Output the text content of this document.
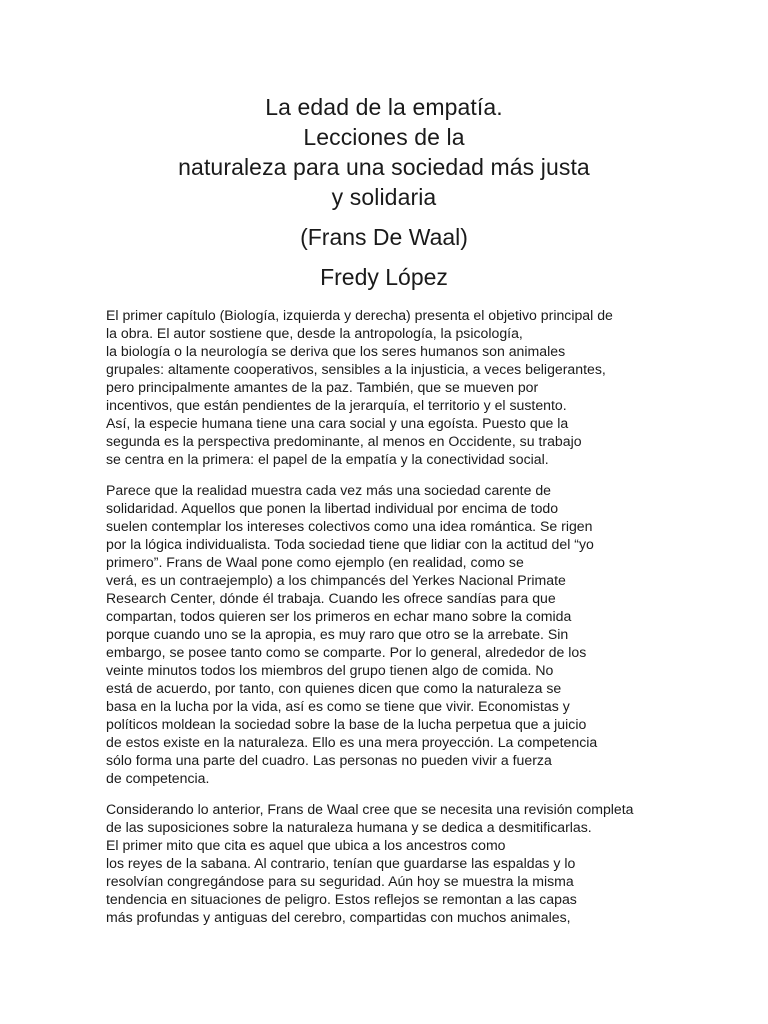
La edad de la empatía.
Lecciones de la
naturaleza para una sociedad más justa
y solidaria
(Frans De Waal)
Fredy López
El primer capítulo (Biología, izquierda y derecha) presenta el objetivo principal de
la obra. El autor sostiene que, desde la antropología, la psicología,
la biología o la neurología se deriva que los seres humanos son animales
grupales: altamente cooperativos, sensibles a la injusticia, a veces beligerantes,
pero principalmente amantes de la paz. También, que se mueven por
incentivos, que están pendientes de la jerarquía, el territorio y el sustento.
Así, la especie humana tiene una cara social y una egoísta. Puesto que la
segunda es la perspectiva predominante, al menos en Occidente, su trabajo
se centra en la primera: el papel de la empatía y la conectividad social.
Parece que la realidad muestra cada vez más una sociedad carente de
solidaridad. Aquellos que ponen la libertad individual por encima de todo
suelen contemplar los intereses colectivos como una idea romántica. Se rigen
por la lógica individualista. Toda sociedad tiene que lidiar con la actitud del “yo
primero”. Frans de Waal pone como ejemplo (en realidad, como se
verá, es un contraejemplo) a los chimpancés del Yerkes Nacional Primate
Research Center, dónde él trabaja. Cuando les ofrece sandías para que
compartan, todos quieren ser los primeros en echar mano sobre la comida
porque cuando uno se la apropia, es muy raro que otro se la arrebate. Sin
embargo, se posee tanto como se comparte. Por lo general, alrededor de los
veinte minutos todos los miembros del grupo tienen algo de comida. No
está de acuerdo, por tanto, con quienes dicen que como la naturaleza se
basa en la lucha por la vida, así es como se tiene que vivir. Economistas y
políticos moldean la sociedad sobre la base de la lucha perpetua que a juicio
de estos existe en la naturaleza. Ello es una mera proyección. La competencia
sólo forma una parte del cuadro. Las personas no pueden vivir a fuerza
de competencia.
Considerando lo anterior, Frans de Waal cree que se necesita una revisión completa
de las suposiciones sobre la naturaleza humana y se dedica a desmitificarlas.
El primer mito que cita es aquel que ubica a los ancestros como
los reyes de la sabana. Al contrario, tenían que guardarse las espaldas y lo
resolvían congregándose para su seguridad. Aún hoy se muestra la misma
tendencia en situaciones de peligro. Estos reflejos se remontan a las capas
más profundas y antiguas del cerebro, compartidas con muchos animales,
